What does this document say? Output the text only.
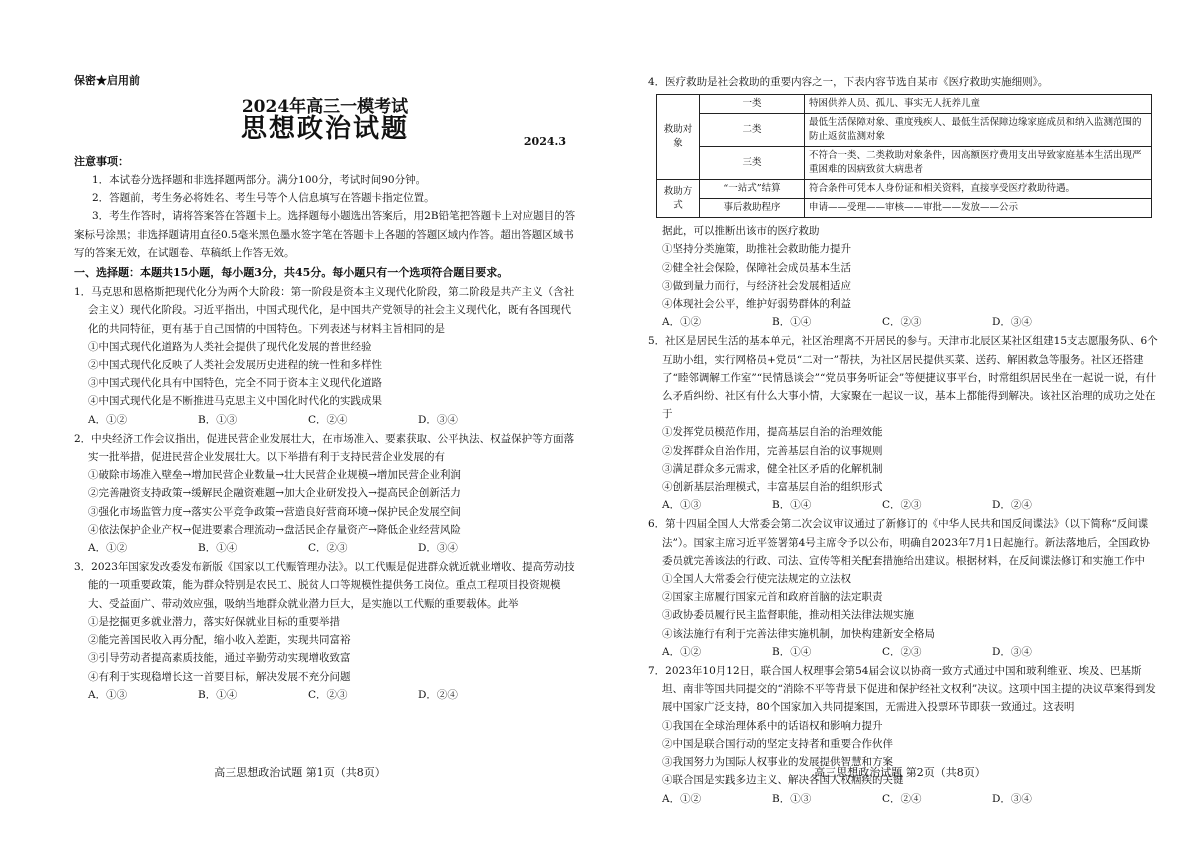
保密★启用前
2024年高三一模考试
思想政治试题	2024.3
注意事项：
1．本试卷分选择题和非选择题两部分。满分100分，考试时间90分钟。
2．答题前，考生务必将姓名、考生号等个人信息填写在答题卡指定位置。
3．考生作答时，请将答案答在答题卡上。选择题每小题选出答案后，用2B铅笔把答题卡上对应题目的答案标号涂黑；非选择题请用直径0.5毫米黑色墨水签字笔在答题卡上各题的答题区域内作答。超出答题区域书写的答案无效，在试题卷、草稿纸上作答无效。
一、选择题：本题共15小题，每小题3分，共45分。每小题只有一个选项符合题目要求。
1．马克思和恩格斯把现代化分为两个大阶段：第一阶段是资本主义现代化阶段，第二阶段是共产主义（含社会主义）现代化阶段。习近平指出，中国式现代化，是中国共产党领导的社会主义现代化，既有各国现代化的共同特征，更有基于自己国情的中国特色。下列表述与材料主旨相同的是
①中国式现代化道路为人类社会提供了现代化发展的普世经验
②中国式现代化反映了人类社会发展历史进程的统一性和多样性
③中国式现代化具有中国特色，完全不同于资本主义现代化道路
④中国式现代化是不断推进马克思主义中国化时代化的实践成果
A．①②	B．①③	C．②④	D．③④
2．中央经济工作会议指出，促进民营企业发展壮大，在市场准入、要素获取、公平执法、权益保护等方面落实一批举措，促进民营企业发展壮大。以下举措有利于支持民营企业发展的有
①破除市场准入壁垒→增加民营企业数量→壮大民营企业规模→增加民营企业利润
②完善融资支持政策→缓解民企融资难题→加大企业研发投入→提高民企创新活力
③强化市场监管力度→落实公平竞争政策→营造良好营商环境→保护民企发展空间
④依法保护企业产权→促进要素合理流动→盘活民企存量资产→降低企业经营风险
A．①②	B．①④	C．②③	D．③④
3．2023年国家发改委发布新版《国家以工代赈管理办法》。以工代赈是促进群众就近就业增收、提高劳动技能的一项重要政策，能为群众特别是农民工、脱贫人口等规模性提供务工岗位。重点工程项目投资规模大、受益面广、带动效应强，吸纳当地群众就业潜力巨大，是实施以工代赈的重要载体。此举
①是挖掘更多就业潜力，落实好保就业目标的重要举措
②能完善国民收入再分配，缩小收入差距，实现共同富裕
③引导劳动者提高素质技能，通过辛勤劳动实现增收致富
④有利于实现稳增长这一首要目标，解决发展不充分问题
A．①③	B．①④	C．②③	D．②④
高三思想政治试题 第1页（共8页）
4．医疗救助是社会救助的重要内容之一，下表内容节选自某市《医疗救助实施细则》。
救助对象	一类	特困供养人员、孤儿、事实无人抚养儿童
	二类	最低生活保障对象、重度残疾人、最低生活保障边缘家庭成员和纳入监测范围的防止返贫监测对象
	三类	不符合一类、二类救助对象条件，因高额医疗费用支出导致家庭基本生活出现严重困难的因病致贫大病患者
救助方式	“一站式”结算	符合条件可凭本人身份证和相关资料，直接享受医疗救助待遇。
	事后救助程序	申请——受理——审核——审批——发放——公示
据此，可以推断出该市的医疗救助
①坚持分类施策，助推社会救助能力提升
②健全社会保险，保障社会成员基本生活
③做到量力而行，与经济社会发展相适应
④体现社会公平，维护好弱势群体的利益
A．①②	B．①④	C．②③	D．③④
5．社区是居民生活的基本单元，社区治理离不开居民的参与。天津市北辰区某社区组建15支志愿服务队、6个互助小组，实行网格员+党员“二对一”帮扶，为社区居民提供买菜、送药、解困救急等服务。社区还搭建了“睦邻调解工作室”“民情恳谈会”“党员事务听证会”等便捷议事平台，时常组织居民坐在一起说一说，有什么矛盾纠纷、社区有什么大事小情，大家聚在一起议一议，基本上都能得到解决。该社区治理的成功之处在于
①发挥党员模范作用，提高基层自治的治理效能
②发挥群众自治作用，完善基层自治的议事规则
③满足群众多元需求，健全社区矛盾的化解机制
④创新基层治理模式，丰富基层自治的组织形式
A．①③	B．①④	C．②③	D．②④
6．第十四届全国人大常委会第二次会议审议通过了新修订的《中华人民共和国反间谍法》（以下简称“反间谍法”）。国家主席习近平签署第4号主席令予以公布，明确自2023年7月1日起施行。新法落地后，全国政协委员就完善该法的行政、司法、宣传等相关配套措施给出建议。根据材料，在反间谍法修订和实施工作中
①全国人大常委会行使完法规定的立法权
②国家主席履行国家元首和政府首脑的法定职责
③政协委员履行民主监督职能，推动相关法律法规实施
④该法施行有利于完善法律实施机制，加快构建新安全格局
A．①②	B．①④	C．②③	D．③④
7．2023年10月12日，联合国人权理事会第54届会议以协商一致方式通过中国和玻利维亚、埃及、巴基斯坦、南非等国共同提交的“消除不平等背景下促进和保护经社文权利”决议。这项中国主提的决议草案得到发展中国家广泛支持，80个国家加入共同提案国，无需进入投票环节即获一致通过。这表明
①我国在全球治理体系中的话语权和影响力提升
②中国是联合国行动的坚定支持者和重要合作伙伴
③我国努力为国际人权事业的发展提供智慧和方案
④联合国是实践多边主义、解决各国人权痼疾的关键
A．①②	B．①③	C．②④	D．③④
高三思想政治试题 第2页（共8页）
